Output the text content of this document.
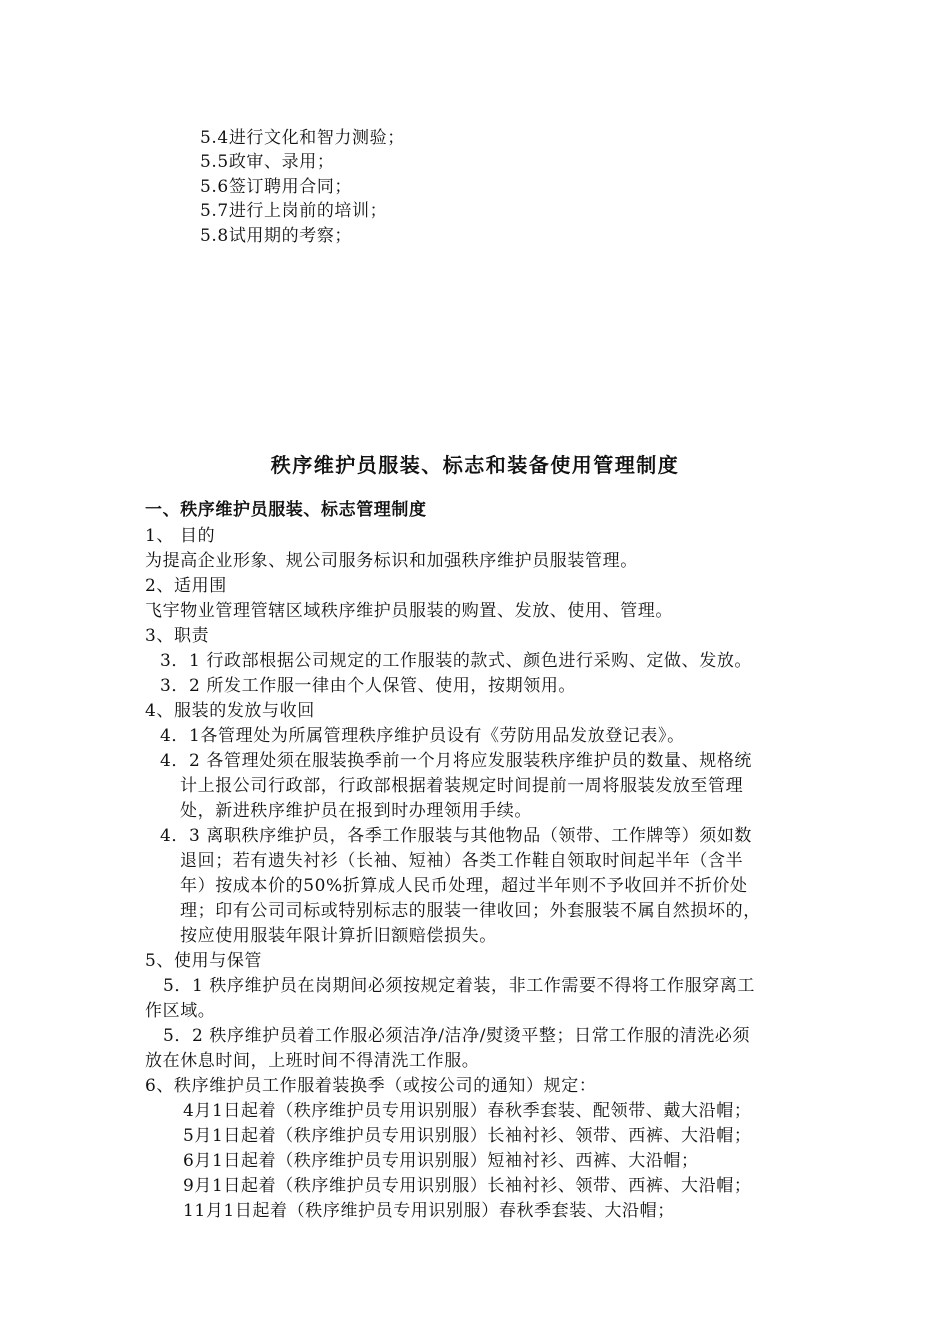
5.4进行文化和智力测验；
5.5政审、录用；
5.6签订聘用合同；
5.7进行上岗前的培训；
5.8试用期的考察；
秩序维护员服装、标志和装备使用管理制度
一、秩序维护员服装、标志管理制度
1、 目的
为提高企业形象、规公司服务标识和加强秩序维护员服装管理。
2、适用围
飞宇物业管理管辖区域秩序维护员服装的购置、发放、使用、管理。
3、职责
3．1 行政部根据公司规定的工作服装的款式、颜色进行采购、定做、发放。
3．2 所发工作服一律由个人保管、使用，按期领用。
4、服装的发放与收回
4．1各管理处为所属管理秩序维护员设有《劳防用品发放登记表》。
4．2 各管理处须在服装换季前一个月将应发服装秩序维护员的数量、规格统
计上报公司行政部，行政部根据着装规定时间提前一周将服装发放至管理
处，新进秩序维护员在报到时办理领用手续。
4．3 离职秩序维护员，各季工作服装与其他物品（领带、工作牌等）须如数
退回；若有遗失衬衫（长袖、短袖）各类工作鞋自领取时间起半年（含半
年）按成本价的50%折算成人民币处理，超过半年则不予收回并不折价处
理；印有公司司标或特别标志的服装一律收回；外套服装不属自然损坏的，
按应使用服装年限计算折旧额赔偿损失。
5、使用与保管
5．1 秩序维护员在岗期间必须按规定着装，非工作需要不得将工作服穿离工
作区域。
5．2 秩序维护员着工作服必须洁净/洁净/熨烫平整；日常工作服的清洗必须
放在休息时间，上班时间不得清洗工作服。
6、秩序维护员工作服着装换季（或按公司的通知）规定：
4月1日起着（秩序维护员专用识别服）春秋季套装、配领带、戴大沿帽；
5月1日起着（秩序维护员专用识别服）长袖衬衫、领带、西裤、大沿帽；
6月1日起着（秩序维护员专用识别服）短袖衬衫、西裤、大沿帽；
9月1日起着（秩序维护员专用识别服）长袖衬衫、领带、西裤、大沿帽；
11月1日起着（秩序维护员专用识别服）春秋季套装、大沿帽；
